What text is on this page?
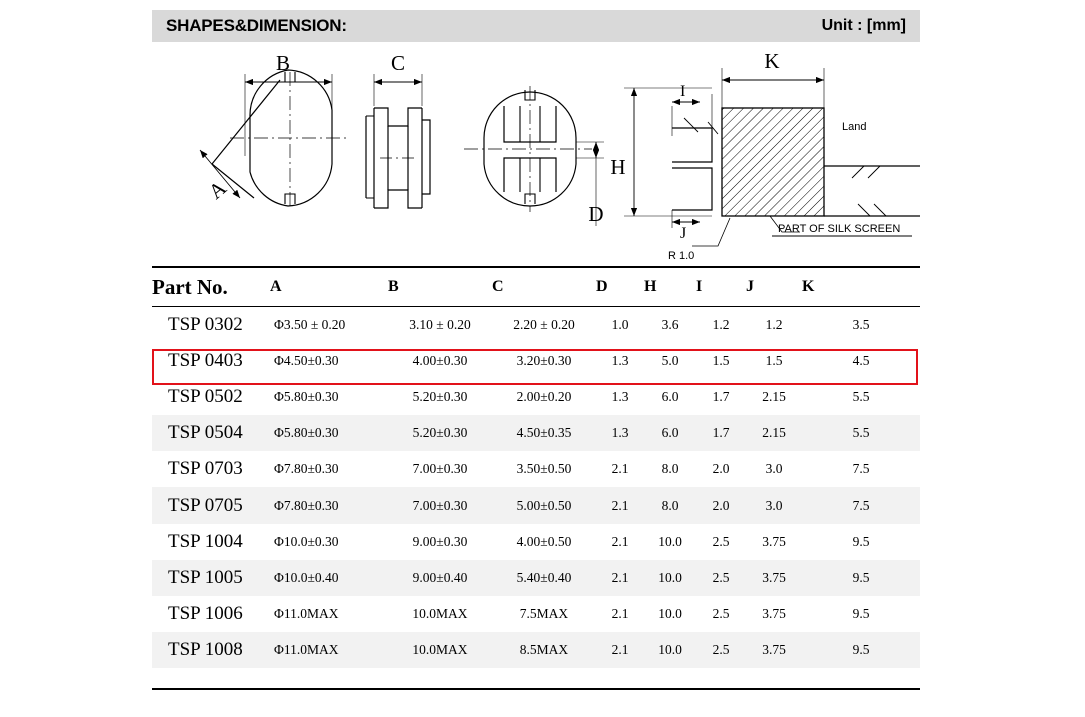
SHAPES&DIMENSION:	Unit : [mm]
B
A
C
D
H
K
I
J
Land
R 1.0
PART OF SILK SCREEN
Part No.	A	B	C	D	H	I	J	K
TSP 0302	Φ3.50 ± 0.20	3.10 ± 0.20	2.20 ± 0.20	1.0	3.6	1.2	1.2	3.5
TSP 0403	Φ4.50±0.30	4.00±0.30	3.20±0.30	1.3	5.0	1.5	1.5	4.5
TSP 0502	Φ5.80±0.30	5.20±0.30	2.00±0.20	1.3	6.0	1.7	2.15	5.5
TSP 0504	Φ5.80±0.30	5.20±0.30	4.50±0.35	1.3	6.0	1.7	2.15	5.5
TSP 0703	Φ7.80±0.30	7.00±0.30	3.50±0.50	2.1	8.0	2.0	3.0	7.5
TSP 0705	Φ7.80±0.30	7.00±0.30	5.00±0.50	2.1	8.0	2.0	3.0	7.5
TSP 1004	Φ10.0±0.30	9.00±0.30	4.00±0.50	2.1	10.0	2.5	3.75	9.5
TSP 1005	Φ10.0±0.40	9.00±0.40	5.40±0.40	2.1	10.0	2.5	3.75	9.5
TSP 1006	Φ11.0MAX	10.0MAX	7.5MAX	2.1	10.0	2.5	3.75	9.5
TSP 1008	Φ11.0MAX	10.0MAX	8.5MAX	2.1	10.0	2.5	3.75	9.5
